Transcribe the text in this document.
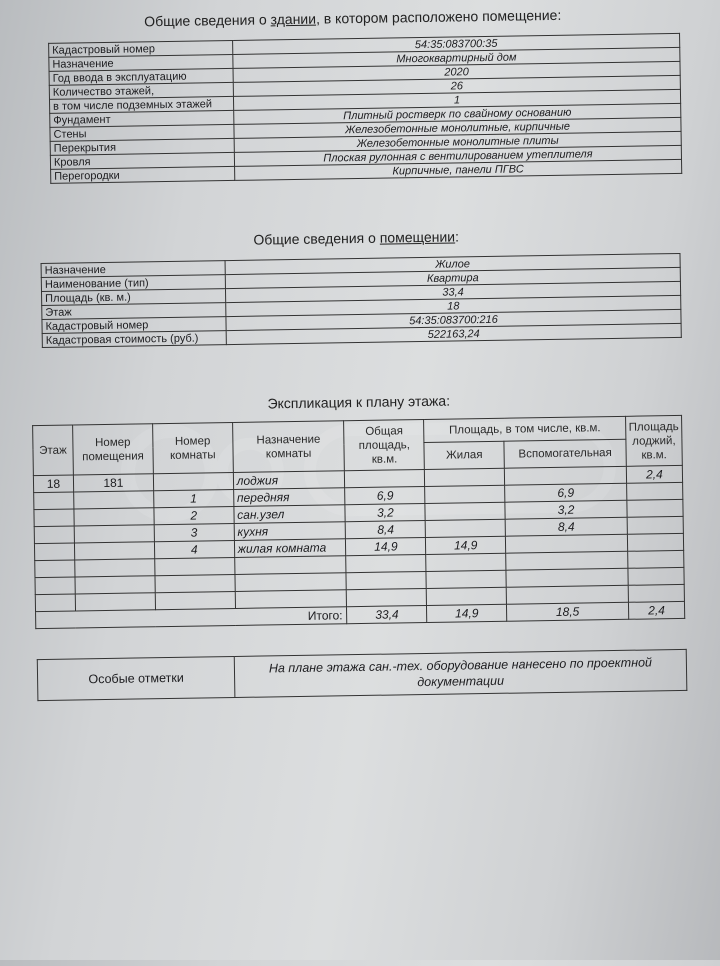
Общие сведения о здании, в котором расположено помещение:
Кадастровый номер	54:35:083700:35
Назначение	Многоквартирный дом
Год ввода в эксплуатацию	2020
Количество этажей,	26
в том числе подземных этажей	1
Фундамент	Плитный ростверк по свайному основанию
Стены	Железобетонные монолитные, кирпичные
Перекрытия	Железобетонные монолитные плиты
Кровля	Плоская рулонная с вентилированием утеплителя
Перегородки	Кирпичные, панели ПГВС
Общие сведения о помещении:
Назначение	Жилое
Наименование (тип)	Квартира
Площадь (кв. м.)	33,4
Этаж	18
Кадастровый номер	54:35:083700:216
Кадастровая стоимость (руб.)	522163,24
Экспликация к плану этажа:
Этаж	Номер помещения	Номер комнаты	Назначение комнаты	Общая площадь, кв.м.	Площадь, в том числе, кв.м.		Площадь лоджий, кв.м.
					Жилая	Вспомогательная	
18	181		лоджия				2,4
		1	передняя	6,9		6,9	
		2	сан.узел	3,2		3,2	
		3	кухня	8,4		8,4	
		4	жилая комната	14,9	14,9		

Итого:				33,4	14,9	18,5	2,4
Особые отметки	На плане этажа сан.-тех. оборудование нанесено по проектной документации
